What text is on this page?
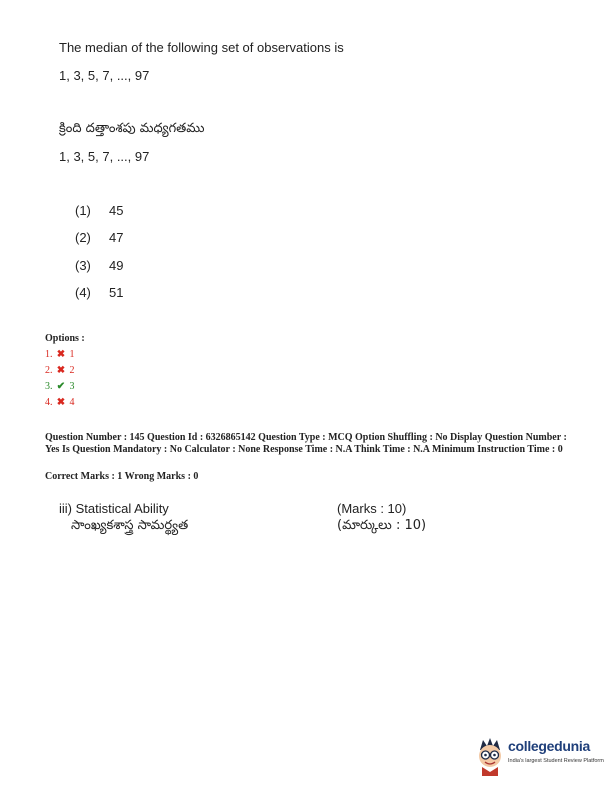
The median of the following set of observations is
1, 3, 5, 7, ..., 97
క్రింది దత్తాంశపు మధ్యగతము
1, 3, 5, 7, ..., 97
(1) 45
(2) 47
(3) 49
(4) 51
Options :
1. ✖ 1
2. ✖ 2
3. ✔ 3
4. ✖ 4
Question Number : 145 Question Id : 6326865142 Question Type : MCQ Option Shuffling : No Display Question Number : Yes Is Question Mandatory : No Calculator : None Response Time : N.A Think Time : N.A Minimum Instruction Time : 0
Correct Marks : 1 Wrong Marks : 0
iii) Statistical Ability
సాంఖ్యకశాస్త్ర సామర్థ్యత
(Marks : 10)
(మార్కులు : 10)
collegedunia
India's largest Student Review Platform
